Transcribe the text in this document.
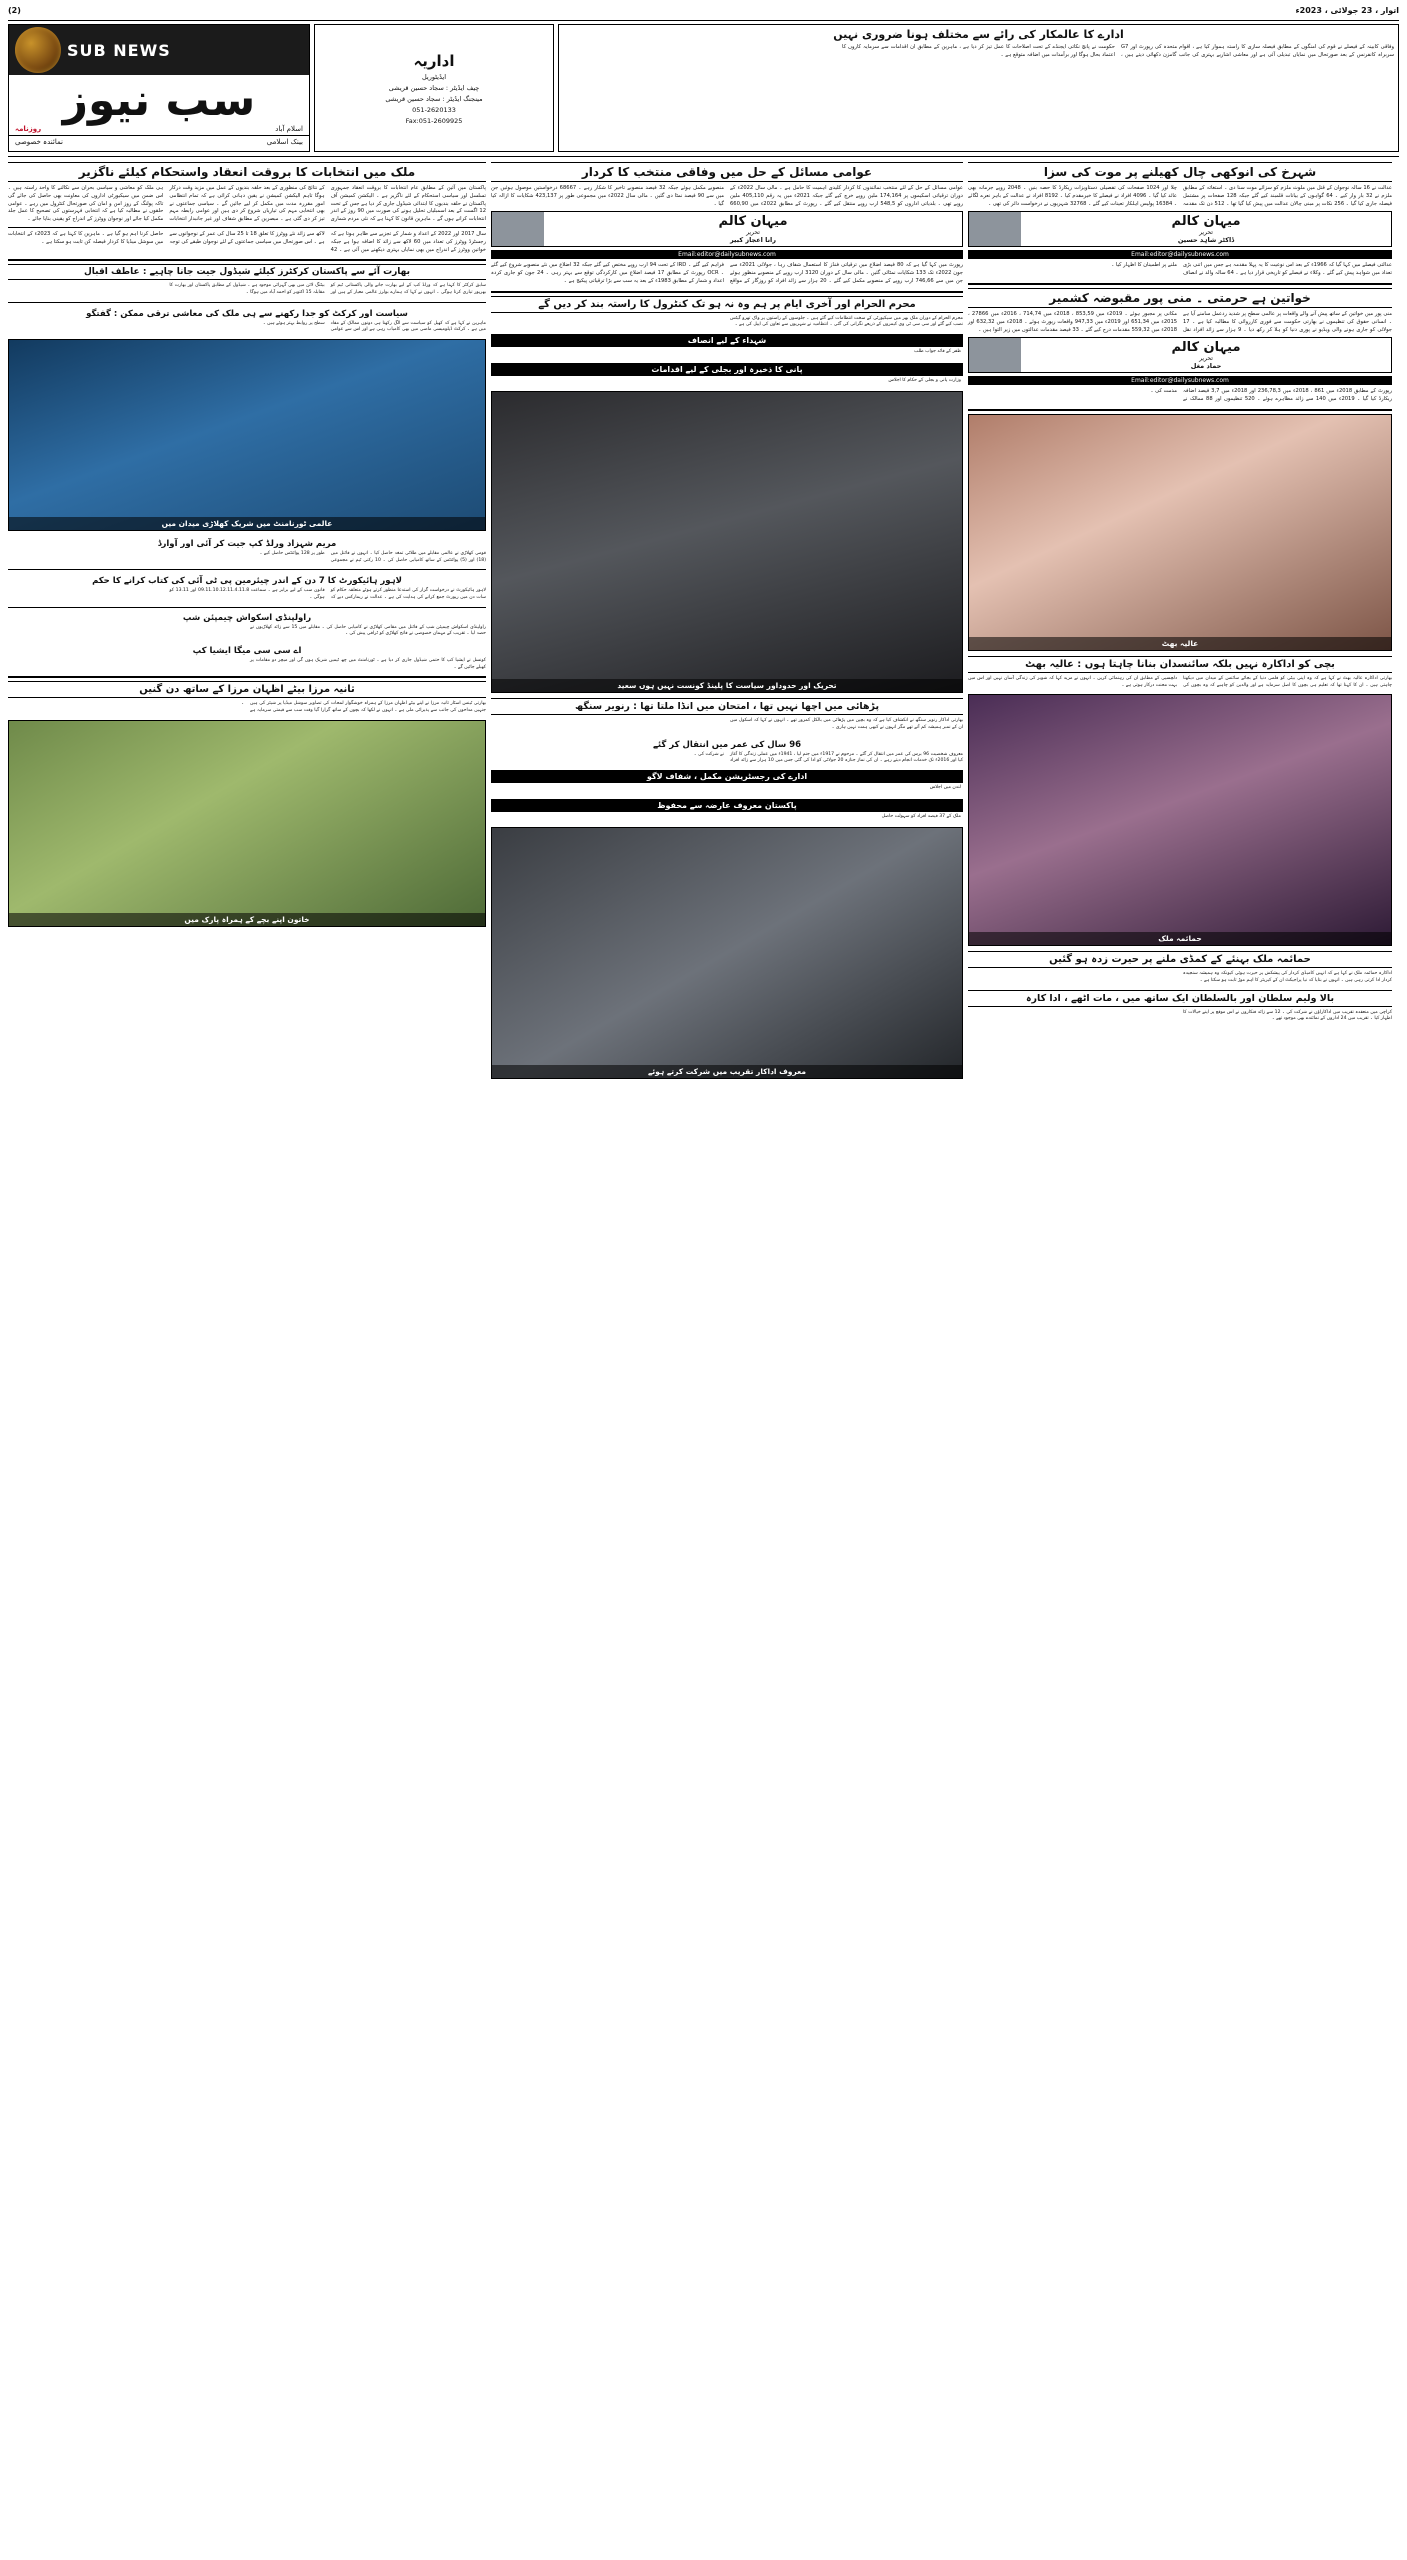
اتوار ، 23 جولائی ، 2023ء
(2)
SUB NEWS
سب نیوز
اسلام آباد
روزنامہ
بینک اسلامی
نمائندہ خصوصی
اداریہ
ایڈیٹوریل
چیف ایڈیٹر : سجاد حسین قریشی
مینجنگ ایڈیٹر : سجاد حسین قریشی
051-2620133
Fax:051-2609925
ادارے کا عالمکار کی رائے سے مختلف ہونا ضروری نہیں
وفاقی کابینہ کے فیصلے نے قوم کی امنگوں کے مطابق فیصلہ سازی کا راستہ ہموار کیا ہے ، اقوام متحدہ کی رپورٹ اور G7 سربراہ کانفرنس کے بعد صورتحال میں نمایاں تبدیلی آئی ہے اور معاشی اشاریے بہتری کی جانب گامزن دکھائی دیتے ہیں ، حکومت نے پانچ نکاتی ایجنڈے کے تحت اصلاحات کا عمل تیز کر دیا ہے ، ماہرین کے مطابق ان اقدامات سے سرمایہ کاروں کا اعتماد بحال ہوگا اور برآمدات میں اضافہ متوقع ہے ۔
ملک میں انتخابات کا بروقت انعقاد واستحکام کیلئے ناگزیر
پاکستان میں آئین کے مطابق عام انتخابات کا بروقت انعقاد جمہوری تسلسل اور سیاسی استحکام کے لئے ناگزیر ہے ۔ الیکشن کمیشن آف پاکستان نے حلقہ بندیوں کا ابتدائی شیڈول جاری کر دیا ہے جس کے تحت 12 اگست کے بعد اسمبلیاں تحلیل ہونے کی صورت میں 90 روز کے اندر انتخابات کرانے ہوں گے ۔ ماہرین قانون کا کہنا ہے کہ نئی مردم شماری کے نتائج کی منظوری کے بعد حلقہ بندیوں کے عمل میں مزید وقت درکار ہوگا تاہم الیکشن کمیشن نے یقین دہانی کرائی ہے کہ تمام انتظامی امور مقررہ مدت میں مکمل کر لیے جائیں گے ۔ سیاسی جماعتوں نے بھی انتخابی مہم کی تیاریاں شروع کر دی ہیں اور عوامی رابطہ مہم تیز کر دی گئی ہے ۔ مبصرین کے مطابق شفاف اور غیر جانبدار انتخابات ہی ملک کو معاشی و سیاسی بحران سے نکالنے کا واحد راستہ ہیں ۔ اس ضمن میں سیکیورٹی اداروں کی معاونت بھی حاصل کی جائے گی تاکہ پولنگ کے روز امن و امان کی صورتحال کنٹرول میں رہے ۔ عوامی حلقوں نے مطالبہ کیا ہے کہ انتخابی فہرستوں کی تصحیح کا عمل جلد مکمل کیا جائے اور نوجوان ووٹرز کے اندراج کو یقینی بنایا جائے ۔
سال 2017 اور 2022 کے اعداد و شمار کے تجزیے سے ظاہر ہوتا ہے کہ رجسٹرڈ ووٹرز کی تعداد میں 60 لاکھ سے زائد کا اضافہ ہوا ہے جبکہ خواتین ووٹرز کے اندراج میں بھی نمایاں بہتری دیکھنے میں آئی ہے ۔ 42 لاکھ سے زائد نئے ووٹرز کا تعلق 18 تا 25 سال کی عمر کے نوجوانوں سے ہے ۔ اس صورتحال میں سیاسی جماعتوں کے لئے نوجوان طبقے کی توجہ حاصل کرنا اہم ہو گیا ہے ۔ ماہرین کا کہنا ہے کہ 2023ء کے انتخابات میں سوشل میڈیا کا کردار فیصلہ کن ثابت ہو سکتا ہے ۔
بھارت آئے سے پاکستان کرکٹرز کیلئے شیڈول جیت جانا چاہیے : عاطف اقبال
سابق کرکٹر کا کہنا ہے کہ ورلڈ کپ کے لیے بھارت جانے والی پاکستانی ٹیم کو بھرپور تیاری کرنا ہوگی ۔ انہوں نے کہا کہ ہمارے بولرز عالمی معیار کے ہیں اور بیٹنگ لائن میں بھی گہرائی موجود ہے ۔ شیڈول کے مطابق پاکستان اور بھارت کا مقابلہ 15 اکتوبر کو احمد آباد میں ہوگا ۔
سیاست اور کرکٹ کو جدا رکھنے سے ہی ملک کی معاشی ترقی ممکن : گفتگو
ماہرین نے کہا ہے کہ کھیل کو سیاست سے الگ رکھنا ہی دونوں ممالک کے مفاد میں ہے ۔ کرکٹ ڈپلومیسی ماضی میں بھی کامیاب رہی ہے اور اس سے عوامی سطح پر روابط بہتر ہوئے ہیں ۔
عالمی ٹورنامنٹ میں شریک کھلاڑی میدان میں
مریم شہزاد ورلڈ کپ جیت کر آئی اور آوارڈ
قومی کھلاڑی نے عالمی مقابلے میں طلائی تمغہ حاصل کیا ۔ انہوں نے فائنل میں (18) اور (5) پوائنٹس کے ساتھ کامیابی حاصل کی ۔ 10 رکنی ٹیم نے مجموعی طور پر 128 پوائنٹس حاصل کیے ۔
لاہور ہائیکورٹ کا 7 دن کے اندر چیئرمین پی ٹی آئی کی کتاب کرانے کا حکم
لاہور ہائیکورٹ نے درخواست گزار کی استدعا منظور کرتے ہوئے متعلقہ حکام کو سات دن میں رپورٹ جمع کرانے کی ہدایت کی ہے ۔ عدالت نے ریمارکس دیے کہ قانون سب کے لیے برابر ہے ۔ سماعت 09.11.10.12.11.4.11.8 اور 13.11 کو ہوگی ۔
راولپنڈی اسکواش چیمپئن شپ
راولپنڈی اسکواش چیمپئن شپ کے فائنل میں مقامی کھلاڑی نے کامیابی حاصل کی ۔ مقابلے میں 15 سے زائد کھلاڑیوں نے حصہ لیا ۔ تقریب کے مہمان خصوصی نے فاتح کھلاڑی کو ٹرافی پیش کی ۔
اے سی سی میگا ایشیا کپ
کونسل نے ایشیا کپ کا حتمی شیڈول جاری کر دیا ہے ۔ ٹورنامنٹ میں چھ ٹیمیں شریک ہوں گی اور میچز دو مقامات پر کھیلے جائیں گے ۔
ثانیہ مرزا بیٹے اظہان مرزا کے ساتھ دن گنیں
بھارتی ٹینس اسٹار ثانیہ مرزا نے اپنے بیٹے اظہان مرزا کے ہمراہ خوشگوار لمحات کی تصاویر سوشل میڈیا پر شیئر کی ہیں جنہیں مداحوں کی جانب سے پذیرائی ملی ہے ۔ انہوں نے لکھا کہ بچوں کے ساتھ گزارا گیا وقت سب سے قیمتی سرمایہ ہے ۔
خاتون اپنے بچے کے ہمراہ پارک میں
عوامی مسائل کے حل میں وفاقی منتخب کا کردار
عوامی مسائل کے حل کے لئے منتخب نمائندوں کا کردار کلیدی اہمیت کا حامل ہے ۔ مالی سال 2022ء کے دوران ترقیاتی اسکیموں پر 174,164 ملین روپے خرچ کیے گئے جبکہ 2021ء میں یہ رقم 405,110 ملین روپے تھی ۔ بلدیاتی اداروں کو 548,5 ارب روپے منتقل کیے گئے ۔ رپورٹ کے مطابق 2022ء میں 660,90 منصوبے مکمل ہوئے جبکہ 32 فیصد منصوبے تاخیر کا شکار رہے ۔ 68667 درخواستیں موصول ہوئیں جن میں سے 90 فیصد نمٹا دی گئیں ۔ مالی سال 2022ء میں مجموعی طور پر 423,137 شکایات کا ازالہ کیا گیا ۔
میہان کالم
تحریر
رانا اعجاز کبیر
Email:editor@dailysubnews.com
رپورٹ میں کہا گیا ہے کہ 80 فیصد اضلاع میں ترقیاتی فنڈز کا استعمال شفاف رہا ، جولائی 2021ء سے جون 2022ء تک 133 شکایات نمٹائی گئیں ۔ مالی سال کے دوران 3120 ارب روپے کے منصوبے منظور ہوئے جن میں سے 746,66 ارب روپے کے منصوبے مکمل کیے گئے ۔ 20 ہزار سے زائد افراد کو روزگار کے مواقع فراہم کیے گئے ۔ IRD کے تحت 94 ارب روپے مختص کیے گئے جبکہ 32 اضلاع میں نئے منصوبے شروع کیے گئے ۔ OCR رپورٹ کے مطابق 17 فیصد اضلاع میں کارکردگی توقع سے بہتر رہی ۔ 24 جون کو جاری کردہ اعداد و شمار کے مطابق 1983ء کے بعد یہ سب سے بڑا ترقیاتی پیکیج ہے ۔
محرم الحرام اور آخری ایام پر ہم وہ نہ ہو تک کنٹرول کا راستہ بند کر دیں گے
محرم الحرام کے دوران ملک بھر میں سیکیورٹی کے سخت انتظامات کیے گئے ہیں ۔ جلوسوں کے راستوں پر واک تھرو گیٹس نصب کیے گئے اور سی سی ٹی وی کیمروں کے ذریعے نگرانی کی گئی ۔ انتظامیہ نے شہریوں سے تعاون کی اپیل کی ہے ۔
شہداء کے لیے انصاف
ظفر کے فائد جواب طلب
پانی کا ذخیرہ اور بجلی کے لیے اقدامات
وزارت پانی و بجلی کے حکام کا اجلاس
تحریک اور حدوداور سیاست کا پلینڈ کونست نہیں ہوں سعید
پڑھائی میں اچھا نہیں تھا ، امتحان میں انڈا ملتا تھا : رنویر سنگھ
بھارتی اداکار رنویر سنگھ نے انکشاف کیا ہے کہ وہ بچپن میں پڑھائی میں بالکل کمزور تھے ۔ انہوں نے کہا کہ اسکول میں ان کے نمبر ہمیشہ کم آتے تھے مگر انہوں نے کبھی ہمت نہیں ہاری ۔
96 سال کی عمر میں انتقال کر گئے
معروف شخصیت 96 برس کی عمر میں انتقال کر گئے ۔ مرحوم نے 1917ء میں جنم لیا ، 1941ء میں عملی زندگی کا آغاز کیا اور 2016ء تک خدمات انجام دیتے رہے ۔ ان کی نماز جنازہ 20 جولائی کو ادا کی گئی جس میں 10 ہزار سے زائد افراد نے شرکت کی ۔
ادارے کی رجسٹریشن مکمل ، شفاف لاگو
لندن میں اجلاس
پاکستان معروف عارضہ سے محفوظ
ملک کے 37 فیصد افراد کو سہولت حاصل
معروف اداکار تقریب میں شرکت کرتے ہوئے
شہرخ کی انوکھی چال کھیلنے پر موت کی سزا
عدالت نے 16 سالہ نوجوان کے قتل میں ملوث ملزم کو سزائے موت سنا دی ۔ استغاثہ کے مطابق ملزم نے 32 بار وار کیے ۔ 64 گواہوں کے بیانات قلمبند کیے گئے جبکہ 128 صفحات پر مشتمل فیصلہ جاری کیا گیا ۔ 256 نکات پر مبنی چالان عدالت میں پیش کیا گیا تھا ۔ 512 دن تک مقدمہ چلا اور 1024 صفحات کی تفصیلی دستاویزات ریکارڈ کا حصہ بنیں ۔ 2048 روپے جرمانہ بھی عائد کیا گیا ۔ 4096 افراد نے فیصلے کا خیرمقدم کیا ۔ 8192 افراد نے عدالت کے باہر نعرے لگائے ۔ 16384 پولیس اہلکار تعینات کیے گئے ۔ 32768 شہریوں نے درخواست دائر کی تھی ۔
میہان کالم
تحریر
ڈاکٹر شاہد حسین
Email:editor@dailysubnews.com
عدالتی فیصلے میں کہا گیا کہ 1966ء کے بعد اس نوعیت کا یہ پہلا مقدمہ ہے جس میں اتنی بڑی تعداد میں شواہد پیش کیے گئے ۔ وکلاء نے فیصلے کو تاریخی قرار دیا ہے ۔ 64 سالہ والد نے انصاف ملنے پر اطمینان کا اظہار کیا ۔
خواتین ہے حرمتی ۔ منی پور مقبوضہ کشمیر
منی پور میں خواتین کے ساتھ پیش آنے والے واقعات پر عالمی سطح پر شدید ردعمل سامنے آیا ہے ۔ انسانی حقوق کی تنظیموں نے بھارتی حکومت سے فوری کارروائی کا مطالبہ کیا ہے ۔ 17 جولائی کو جاری ہونے والی ویڈیو نے پوری دنیا کو ہلا کر رکھ دیا ۔ 9 ہزار سے زائد افراد نقل مکانی پر مجبور ہوئے ۔ 2019ء میں 853,59 ، 2018ء میں 714,74 ، 2016ء میں 27866 ، 2015ء میں 651,34 اور 2019ء میں 947,33 واقعات رپورٹ ہوئے ۔ 2018ء میں 632,32 اور 2018ء میں 559,32 مقدمات درج کیے گئے ۔ 33 فیصد مقدمات عدالتوں میں زیر التوا ہیں ۔
میہان کالم
تحریر
حماد مغل
Email:editor@dailysubnews.com
رپورٹ کے مطابق 2018ء میں 861 ، 2018ء میں 236,78,3 اور 2018ء میں 3,7 فیصد اضافہ ریکارڈ کیا گیا ۔ 2019ء میں 140 سے زائد مظاہرے ہوئے ۔ 520 تنظیموں اور 88 ممالک نے مذمت کی ۔
عالیہ بھٹ
بچی کو اداکارہ نہیں بلکہ سائنسدان بنانا چاہتا ہوں : عالیہ بھٹ
بھارتی اداکارہ عالیہ بھٹ نے کہا ہے کہ وہ اپنی بیٹی کو فلمی دنیا کے بجائے سائنس کے میدان میں دیکھنا چاہتی ہیں ۔ ان کا کہنا تھا کہ تعلیم ہی بچوں کا اصل سرمایہ ہے اور والدین کو چاہیے کہ وہ بچوں کی دلچسپی کے مطابق ان کی رہنمائی کریں ۔ انہوں نے مزید کہا کہ شوبز کی زندگی آسان نہیں اور اس میں بہت محنت درکار ہوتی ہے ۔
حمائمہ ملک
حمائمہ ملک بہنئے کے کمڈی ملنے پر حیرت زدہ ہو گئیں
اداکارہ حمائمہ ملک نے کہا ہے کہ انہیں کامیڈی کردار کی پیشکش پر حیرت ہوئی کیونکہ وہ ہمیشہ سنجیدہ کردار ادا کرتی رہی ہیں ۔ انہوں نے بتایا کہ نیا پراجیکٹ ان کے کیریئر کا اہم موڑ ثابت ہو سکتا ہے ۔
بالا ولیم سلطان اور بالسلطان ایک ساتھ میں ، مات اٹھے ، ادا کارہ
کراچی میں منعقدہ تقریب میں اداکاراؤں نے شرکت کی ۔ 12 سے زائد فنکاروں نے اس موقع پر اپنے خیالات کا اظہار کیا ۔ تقریب میں 24 اداروں کے نمائندے بھی موجود تھے ۔
